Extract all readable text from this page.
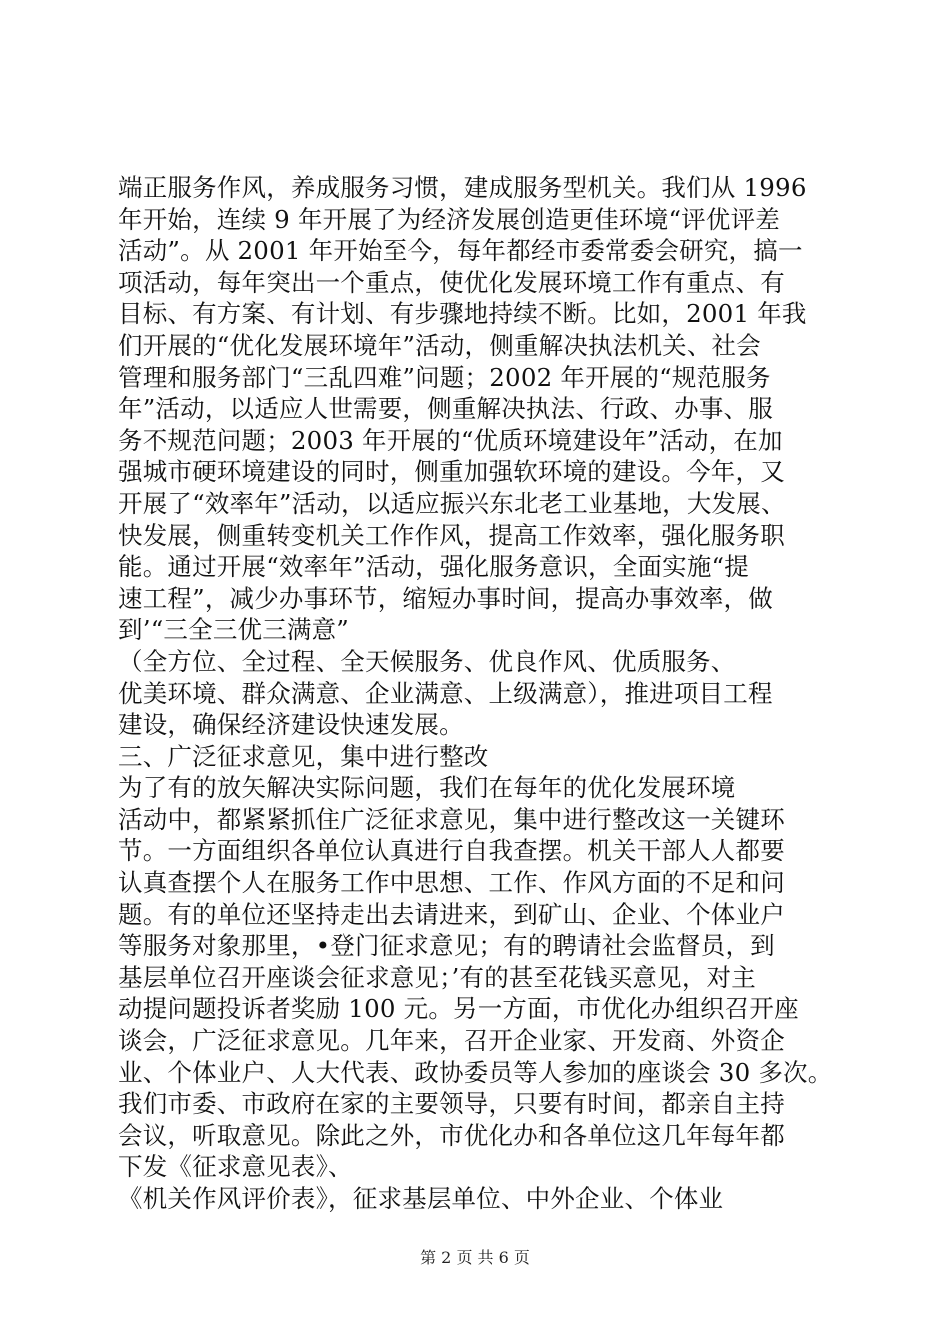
端正服务作风，养成服务习惯，建成服务型机关。我们从 1996
年开始，连续 9 年开展了为经济发展创造更佳环境“评优评差
活动”。从 2001 年开始至今，每年都经市委常委会研究，搞一
项活动，每年突出一个重点，使优化发展环境工作有重点、有
目标、有方案、有计划、有步骤地持续不断。比如，2001 年我
们开展的“优化发展环境年”活动，侧重解决执法机关、社会
管理和服务部门“三乱四难”问题；2002 年开展的“规范服务
年”活动，以适应人世需要，侧重解决执法、行政、办事、服
务不规范问题；2003 年开展的“优质环境建设年”活动，在加
强城市硬环境建设的同时，侧重加强软环境的建设。今年，又
开展了“效率年”活动，以适应振兴东北老工业基地，大发展、
快发展，侧重转变机关工作作风，提高工作效率，强化服务职
能。通过开展“效率年”活动，强化服务意识，全面实施“提
速工程”，减少办事环节，缩短办事时间，提高办事效率，做
到’“三全三优三满意”
（全方位、全过程、全天候服务、优良作风、优质服务、
优美环境、群众满意、企业满意、上级满意），推进项目工程
建设，确保经济建设快速发展。
三、广泛征求意见，集中进行整改
为了有的放矢解决实际问题，我们在每年的优化发展环境
活动中，都紧紧抓住广泛征求意见，集中进行整改这一关键环
节。一方面组织各单位认真进行自我查摆。机关干部人人都要
认真查摆个人在服务工作中思想、工作、作风方面的不足和问
题。有的单位还坚持走出去请进来，到矿山、企业、个体业户
等服务对象那里，•登门征求意见；有的聘请社会监督员，到
基层单位召开座谈会征求意见；’有的甚至花钱买意见，对主
动提问题投诉者奖励 100 元。另一方面，市优化办组织召开座
谈会，广泛征求意见。几年来，召开企业家、开发商、外资企
业、个体业户、人大代表、政协委员等人参加的座谈会 30 多次。
我们市委、市政府在家的主要领导，只要有时间，都亲自主持
会议，听取意见。除此之外，市优化办和各单位这几年每年都
下发《征求意见表》、
《机关作风评价表》，征求基层单位、中外企业、个体业
第 2 页 共 6 页
